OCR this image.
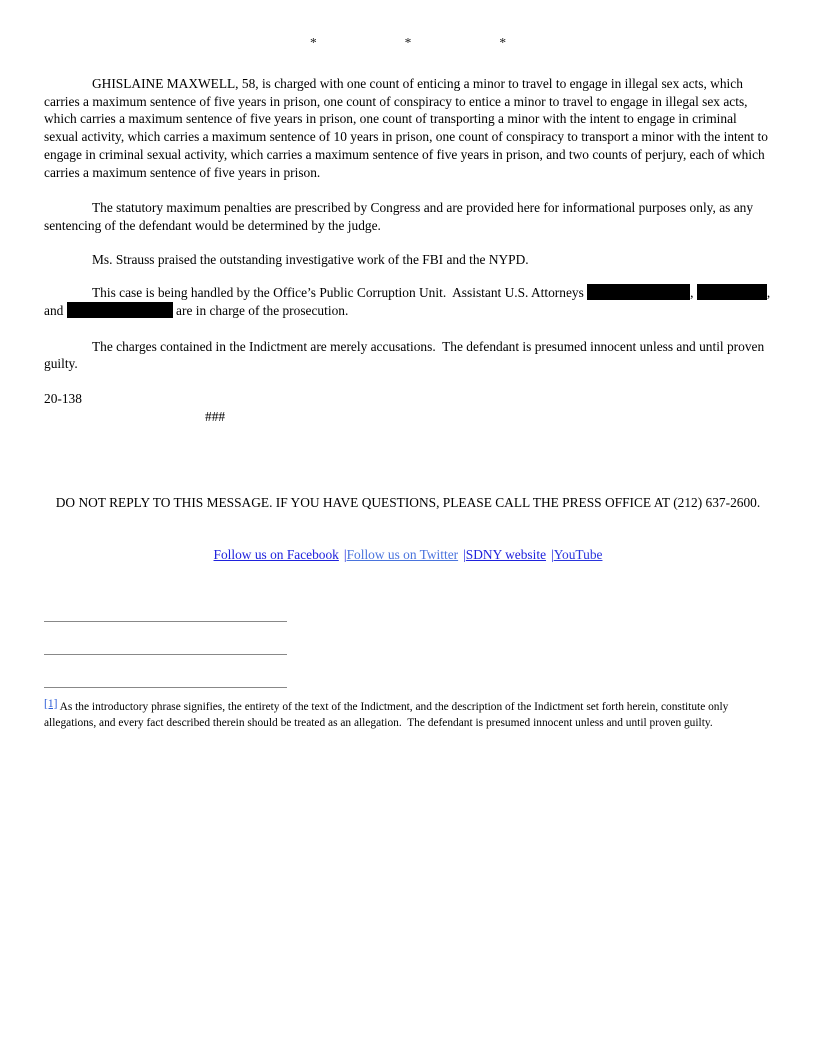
*	*	*
GHISLAINE MAXWELL, 58, is charged with one count of enticing a minor to travel to engage in illegal sex acts, which carries a maximum sentence of five years in prison, one count of conspiracy to entice a minor to travel to engage in illegal sex acts, which carries a maximum sentence of five years in prison, one count of transporting a minor with the intent to engage in criminal sexual activity, which carries a maximum sentence of 10 years in prison, one count of conspiracy to transport a minor with the intent to engage in criminal sexual activity, which carries a maximum sentence of five years in prison, and two counts of perjury, each of which carries a maximum sentence of five years in prison.
The statutory maximum penalties are prescribed by Congress and are provided here for informational purposes only, as any sentencing of the defendant would be determined by the judge.
Ms. Strauss praised the outstanding investigative work of the FBI and the NYPD.
This case is being handled by the Office’s Public Corruption Unit.  Assistant U.S. Attorneys	,	, and	are in charge of the prosecution.
The charges contained in the Indictment are merely accusations.  The defendant is presumed innocent unless and until proven guilty.
20-138
###
DO NOT REPLY TO THIS MESSAGE. IF YOU HAVE QUESTIONS, PLEASE CALL THE PRESS OFFICE AT (212) 637-2600.
Follow us on Facebook |Follow us on Twitter |SDNY website |YouTube
[1] As the introductory phrase signifies, the entirety of the text of the Indictment, and the description of the Indictment set forth herein, constitute only allegations, and every fact described therein should be treated as an allegation.  The defendant is presumed innocent unless and until proven guilty.
